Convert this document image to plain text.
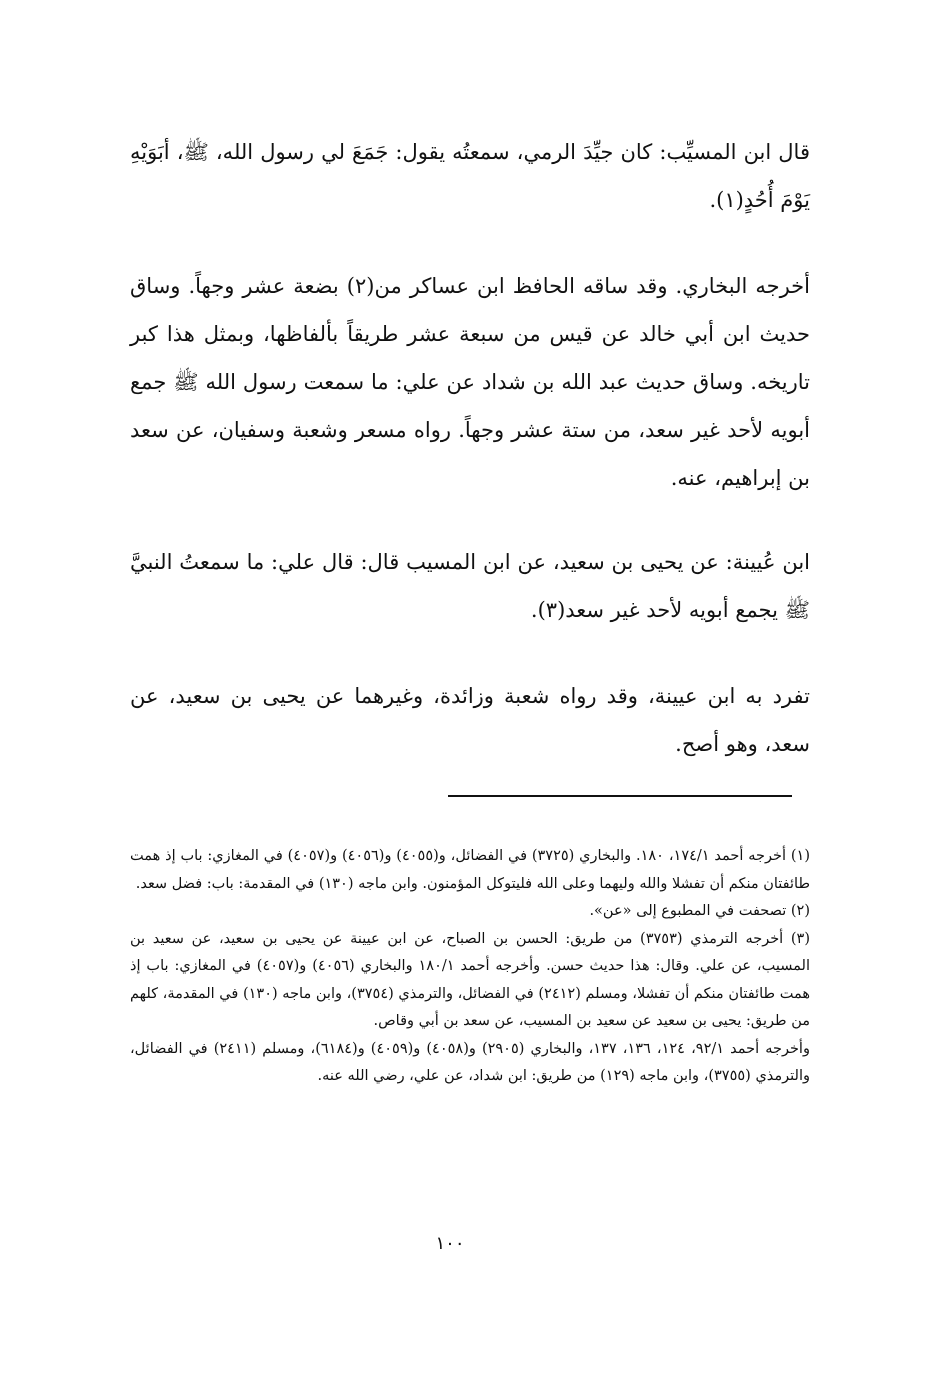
قال ابن المسيِّب: كان جيِّدَ الرمي، سمعتُه يقول: جَمَعَ لي رسول الله، ﷺ، أبَوَيْهِ يَوْمَ أُحُدٍ(١).

أخرجه البخاري. وقد ساقه الحافظ ابن عساكر من(٢) بضعة عشر وجهاً. وساق حديث ابن أبي خالد عن قيس من سبعة عشر طريقاً بألفاظها، وبمثل هذا كبر تاريخه. وساق حديث عبد الله بن شداد عن علي: ما سمعت رسول الله ﷺ جمع أبويه لأحد غير سعد، من ستة عشر وجهاً. رواه مسعر وشعبة وسفيان، عن سعد بن إبراهيم، عنه.

ابن عُيينة: عن يحيى بن سعيد، عن ابن المسيب قال: قال علي: ما سمعتُ النبيَّ ﷺ يجمع أبويه لأحد غير سعد(٣).

تفرد به ابن عيينة، وقد رواه شعبة وزائدة، وغيرهما عن يحيى بن سعيد، عن سعد، وهو أصح.

(١) أخرجه أحمد ١٧٤/١، ١٨٠. والبخاري (٣٧٢٥) في الفضائل، و(٤٠٥٥) و(٤٠٥٦) و(٤٠٥٧) في المغازي: باب إذ همت طائفتان منكم أن تفشلا والله وليهما وعلى الله فليتوكل المؤمنون. وابن ماجه (١٣٠) في المقدمة: باب: فضل سعد.

(٢) تصحفت في المطبوع إلى «عن».

(٣) أخرجه الترمذي (٣٧٥٣) من طريق: الحسن بن الصباح، عن ابن عيينة عن يحيى بن سعيد، عن سعيد بن المسيب، عن علي. وقال: هذا حديث حسن. وأخرجه أحمد ١٨٠/١ والبخاري (٤٠٥٦) و(٤٠٥٧) في المغازي: باب إذ همت طائفتان منكم أن تفشلا، ومسلم (٢٤١٢) في الفضائل، والترمذي (٣٧٥٤)، وابن ماجه (١٣٠) في المقدمة، كلهم من طريق: يحيى بن سعيد عن سعيد بن المسيب، عن سعد بن أبي وقاص.

وأخرجه أحمد ٩٢/١، ١٢٤، ١٣٦، ١٣٧، والبخاري (٢٩٠٥) و(٤٠٥٨) و(٤٠٥٩) و(٦١٨٤)، ومسلم (٢٤١١) في الفضائل، والترمذي (٣٧٥٥)، وابن ماجه (١٢٩) من طريق: ابن شداد، عن علي، رضي الله عنه.

١٠٠
